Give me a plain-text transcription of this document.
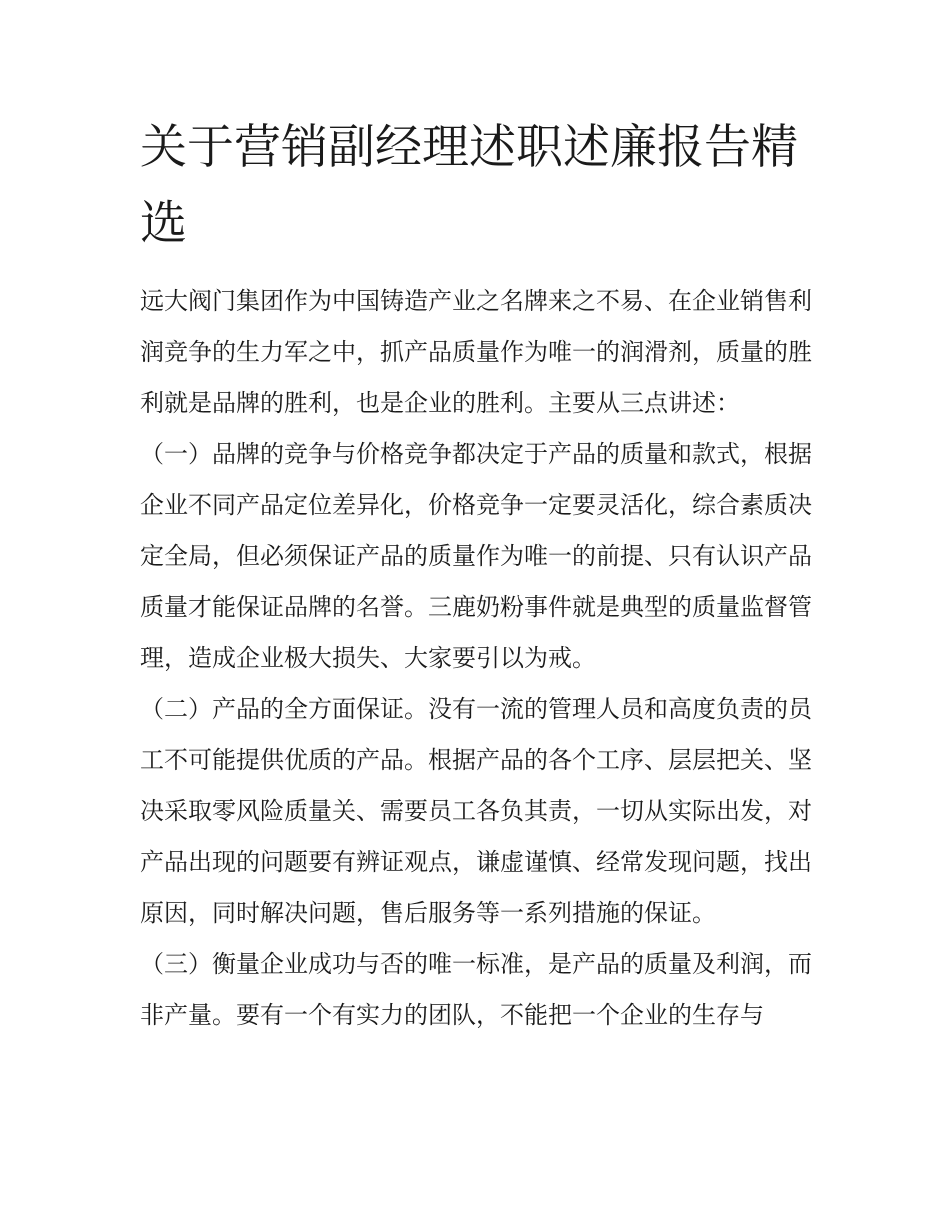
关于营销副经理述职述廉报告精选

远大阀门集团作为中国铸造产业之名牌来之不易、在企业销售利润竞争的生力军之中，抓产品质量作为唯一的润滑剂，质量的胜利就是品牌的胜利，也是企业的胜利。主要从三点讲述：

（一）品牌的竞争与价格竞争都决定于产品的质量和款式，根据企业不同产品定位差异化，价格竞争一定要灵活化，综合素质决定全局，但必须保证产品的质量作为唯一的前提、只有认识产品质量才能保证品牌的名誉。三鹿奶粉事件就是典型的质量监督管理，造成企业极大损失、大家要引以为戒。

（二）产品的全方面保证。没有一流的管理人员和高度负责的员工不可能提供优质的产品。根据产品的各个工序、层层把关、坚决采取零风险质量关、需要员工各负其责，一切从实际出发，对产品出现的问题要有辨证观点，谦虚谨慎、经常发现问题，找出原因，同时解决问题，售后服务等一系列措施的保证。

（三）衡量企业成功与否的唯一标准，是产品的质量及利润，而非产量。要有一个有实力的团队，不能把一个企业的生存与
